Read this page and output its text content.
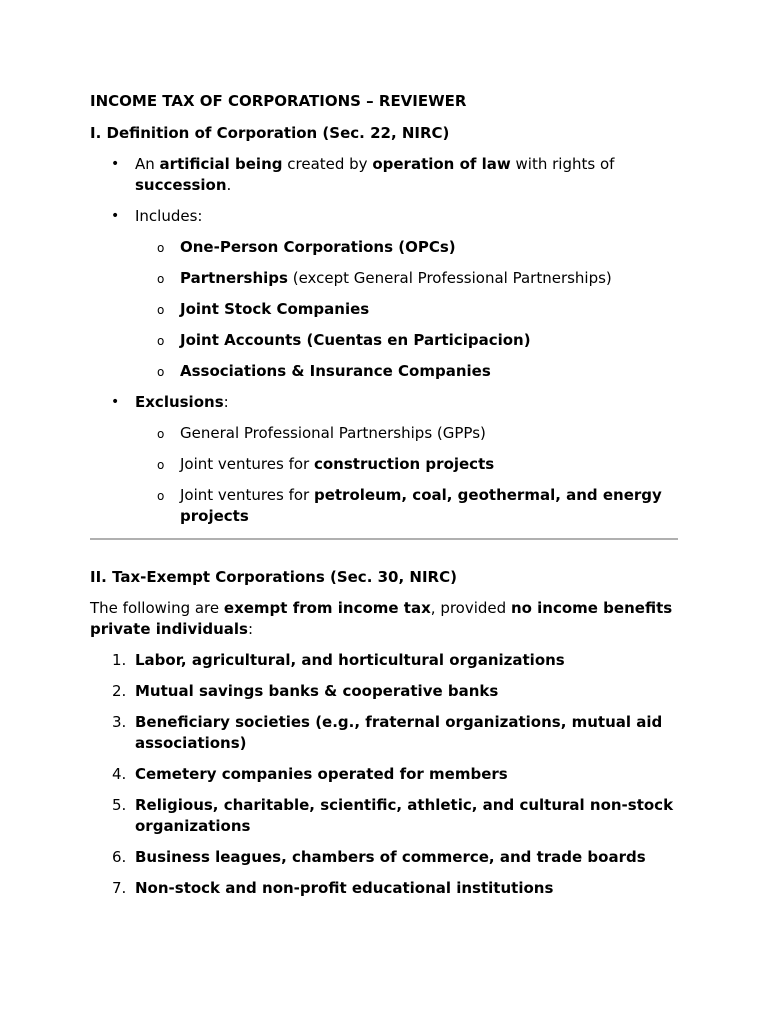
INCOME TAX OF CORPORATIONS – REVIEWER

I. Definition of Corporation (Sec. 22, NIRC)

• An artificial being created by operation of law with rights of succession.
• Includes:
o One-Person Corporations (OPCs)
o Partnerships (except General Professional Partnerships)
o Joint Stock Companies
o Joint Accounts (Cuentas en Participacion)
o Associations & Insurance Companies
• Exclusions:
o General Professional Partnerships (GPPs)
o Joint ventures for construction projects
o Joint ventures for petroleum, coal, geothermal, and energy projects

II. Tax-Exempt Corporations (Sec. 30, NIRC)

The following are exempt from income tax, provided no income benefits private individuals:

1. Labor, agricultural, and horticultural organizations
2. Mutual savings banks & cooperative banks
3. Beneficiary societies (e.g., fraternal organizations, mutual aid associations)
4. Cemetery companies operated for members
5. Religious, charitable, scientific, athletic, and cultural non-stock organizations
6. Business leagues, chambers of commerce, and trade boards
7. Non-stock and non-profit educational institutions
